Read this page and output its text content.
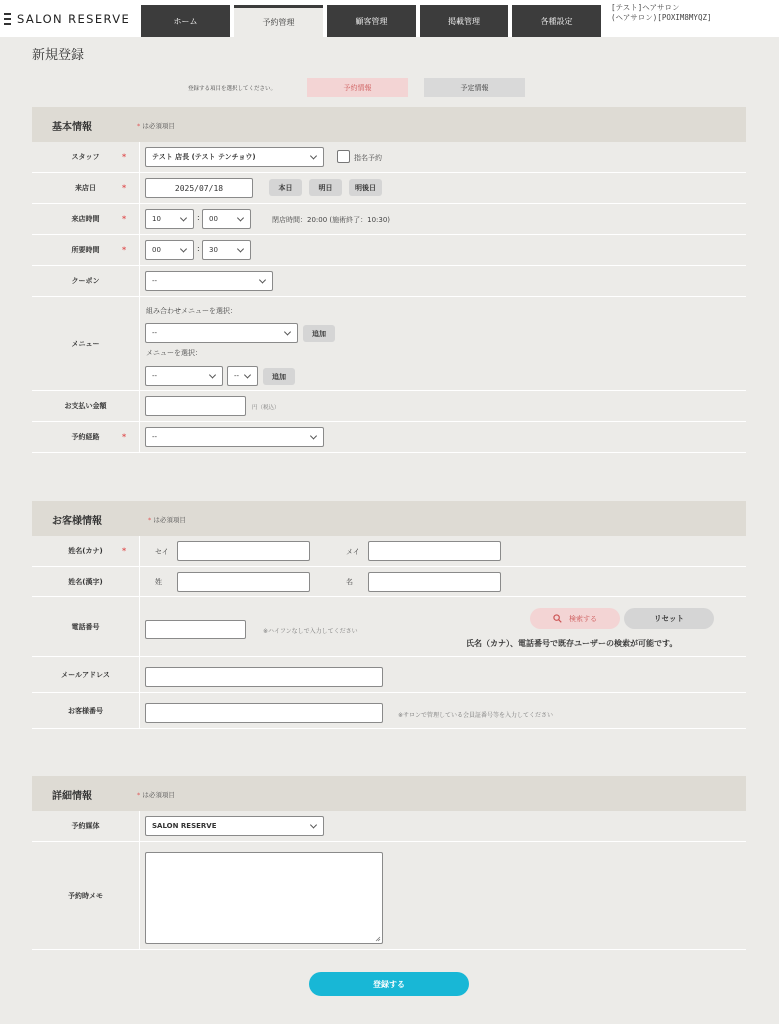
SALON RESERVE	ホーム	予約管理	顧客管理	掲載管理	各種設定
[テスト]ヘアサロン
(ヘアサロン)[POXIM8MYQZ]
新規登録
登録する項目を選択してください。	予約情報	予定情報
基本情報	* は必須項目
スタッフ	*	テスト 店長 (テスト テンチョウ)	指名予約
来店日	*	2025/07/18	本日	明日	明後日
来店時間	*	10	:	00	閉店時間：20:00 (施術終了：10:30)
所要時間	*	00	:	30
クーポン	--
メニュー
組み合わせメニューを選択：
--	追加
メニューを選択：
--	--	追加
お支払い金額	円（税込）
予約経路	*	--
お客様情報	* は必須項目
姓名(カナ) *	セイ	メイ
姓名(漢字)	姓	名
電話番号
※ハイフンなしで入力してください
検索する	リセット
氏名（カナ）、電話番号で既存ユーザーの検索が可能です。
メールアドレス
お客様番号
※サロンで管理している会員証番号等を入力してください
詳細情報	* は必須項目
予約媒体	SALON RESERVE
予約時メモ
登録する
